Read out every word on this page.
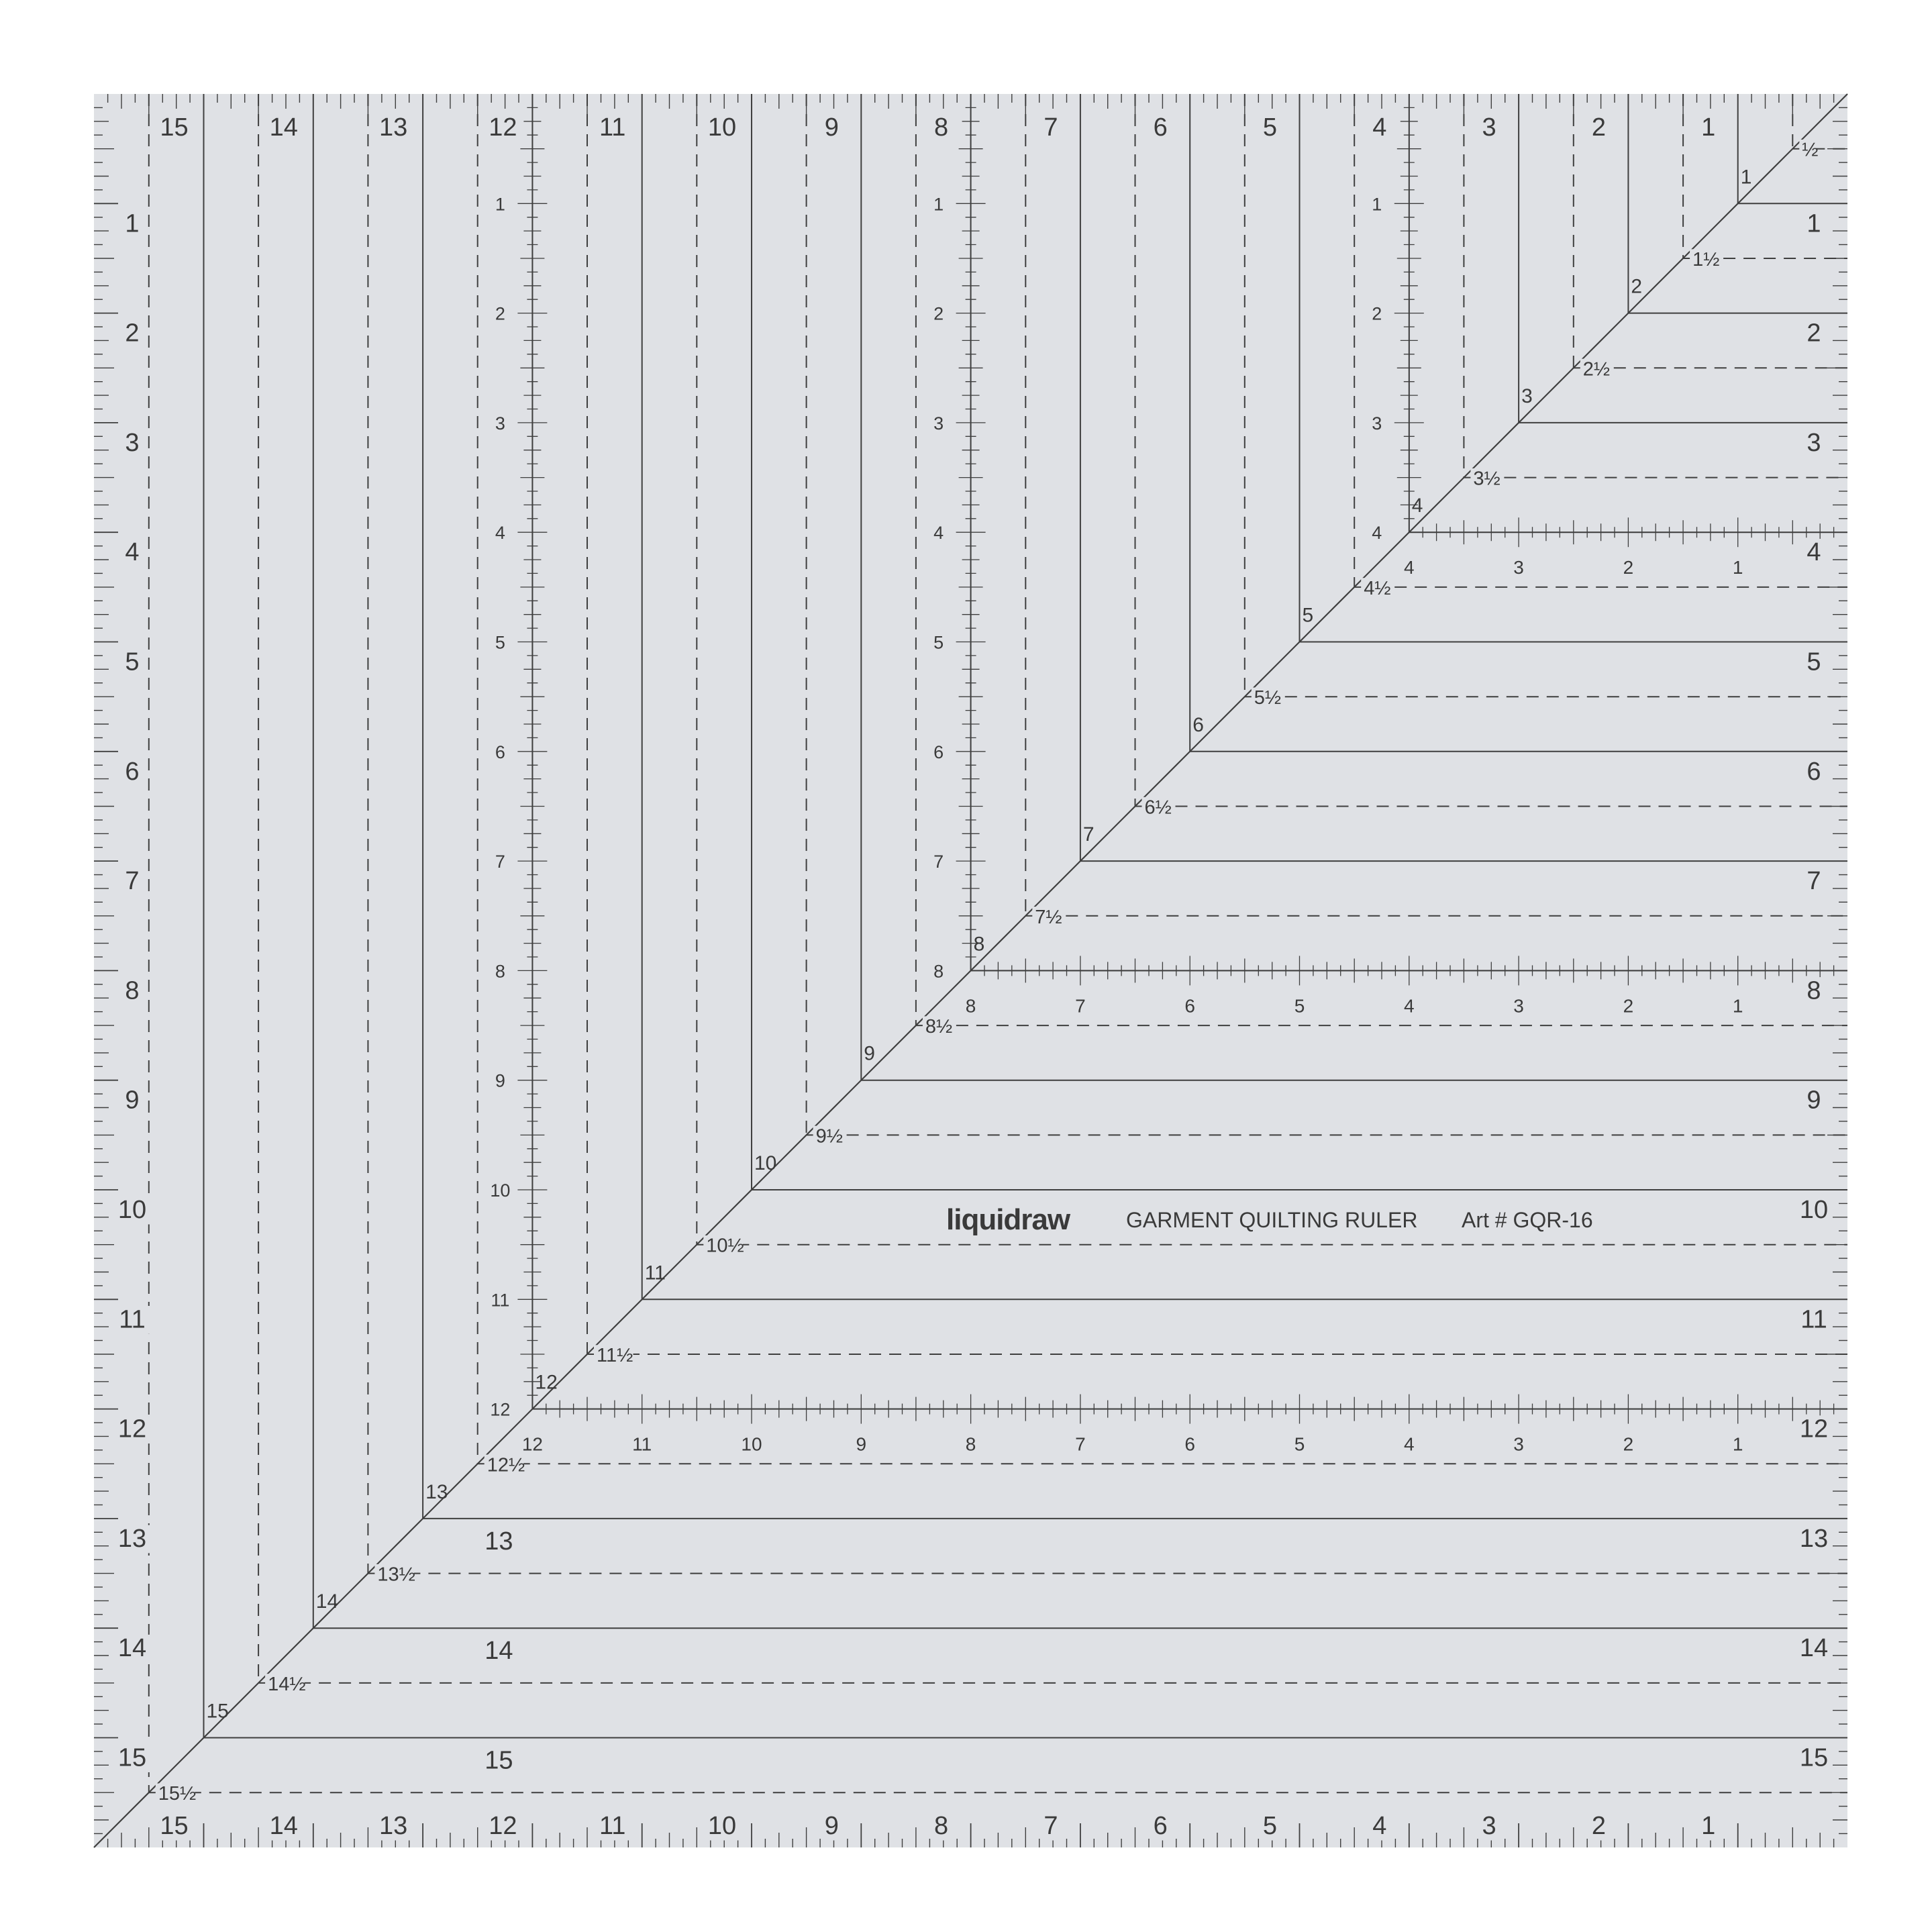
1
2
3
4
1
2
3
4
1
2
3
4
5
6
7
8
1
2
3
4
5
6
7
8
1
2
3
4
5
6
7
8
9
10
11
12
1
2
3
4
5
6
7
8
9
10
11
12
15	14	13	12	11	10	9	8	7	6	5	4	3	2	1
15	14	13	12	11	10	9	8	7	6	5	4	3	2	1
1
2
3
4
5
6
7
8
9
10
11
12
13
14
15
1
2
3
4
5
6
7
8
9
10
11
12
13
14
15
1
2
3
4
5
6
7
8
9
10
11
12
13
14
15
½
1½
2½
3½
4½
5½
6½
7½
8½
9½
10½
11½
12½
13½
14½
15½
13
14
15
liquidraw	GARMENT QUILTING RULER Art # GQR-16
